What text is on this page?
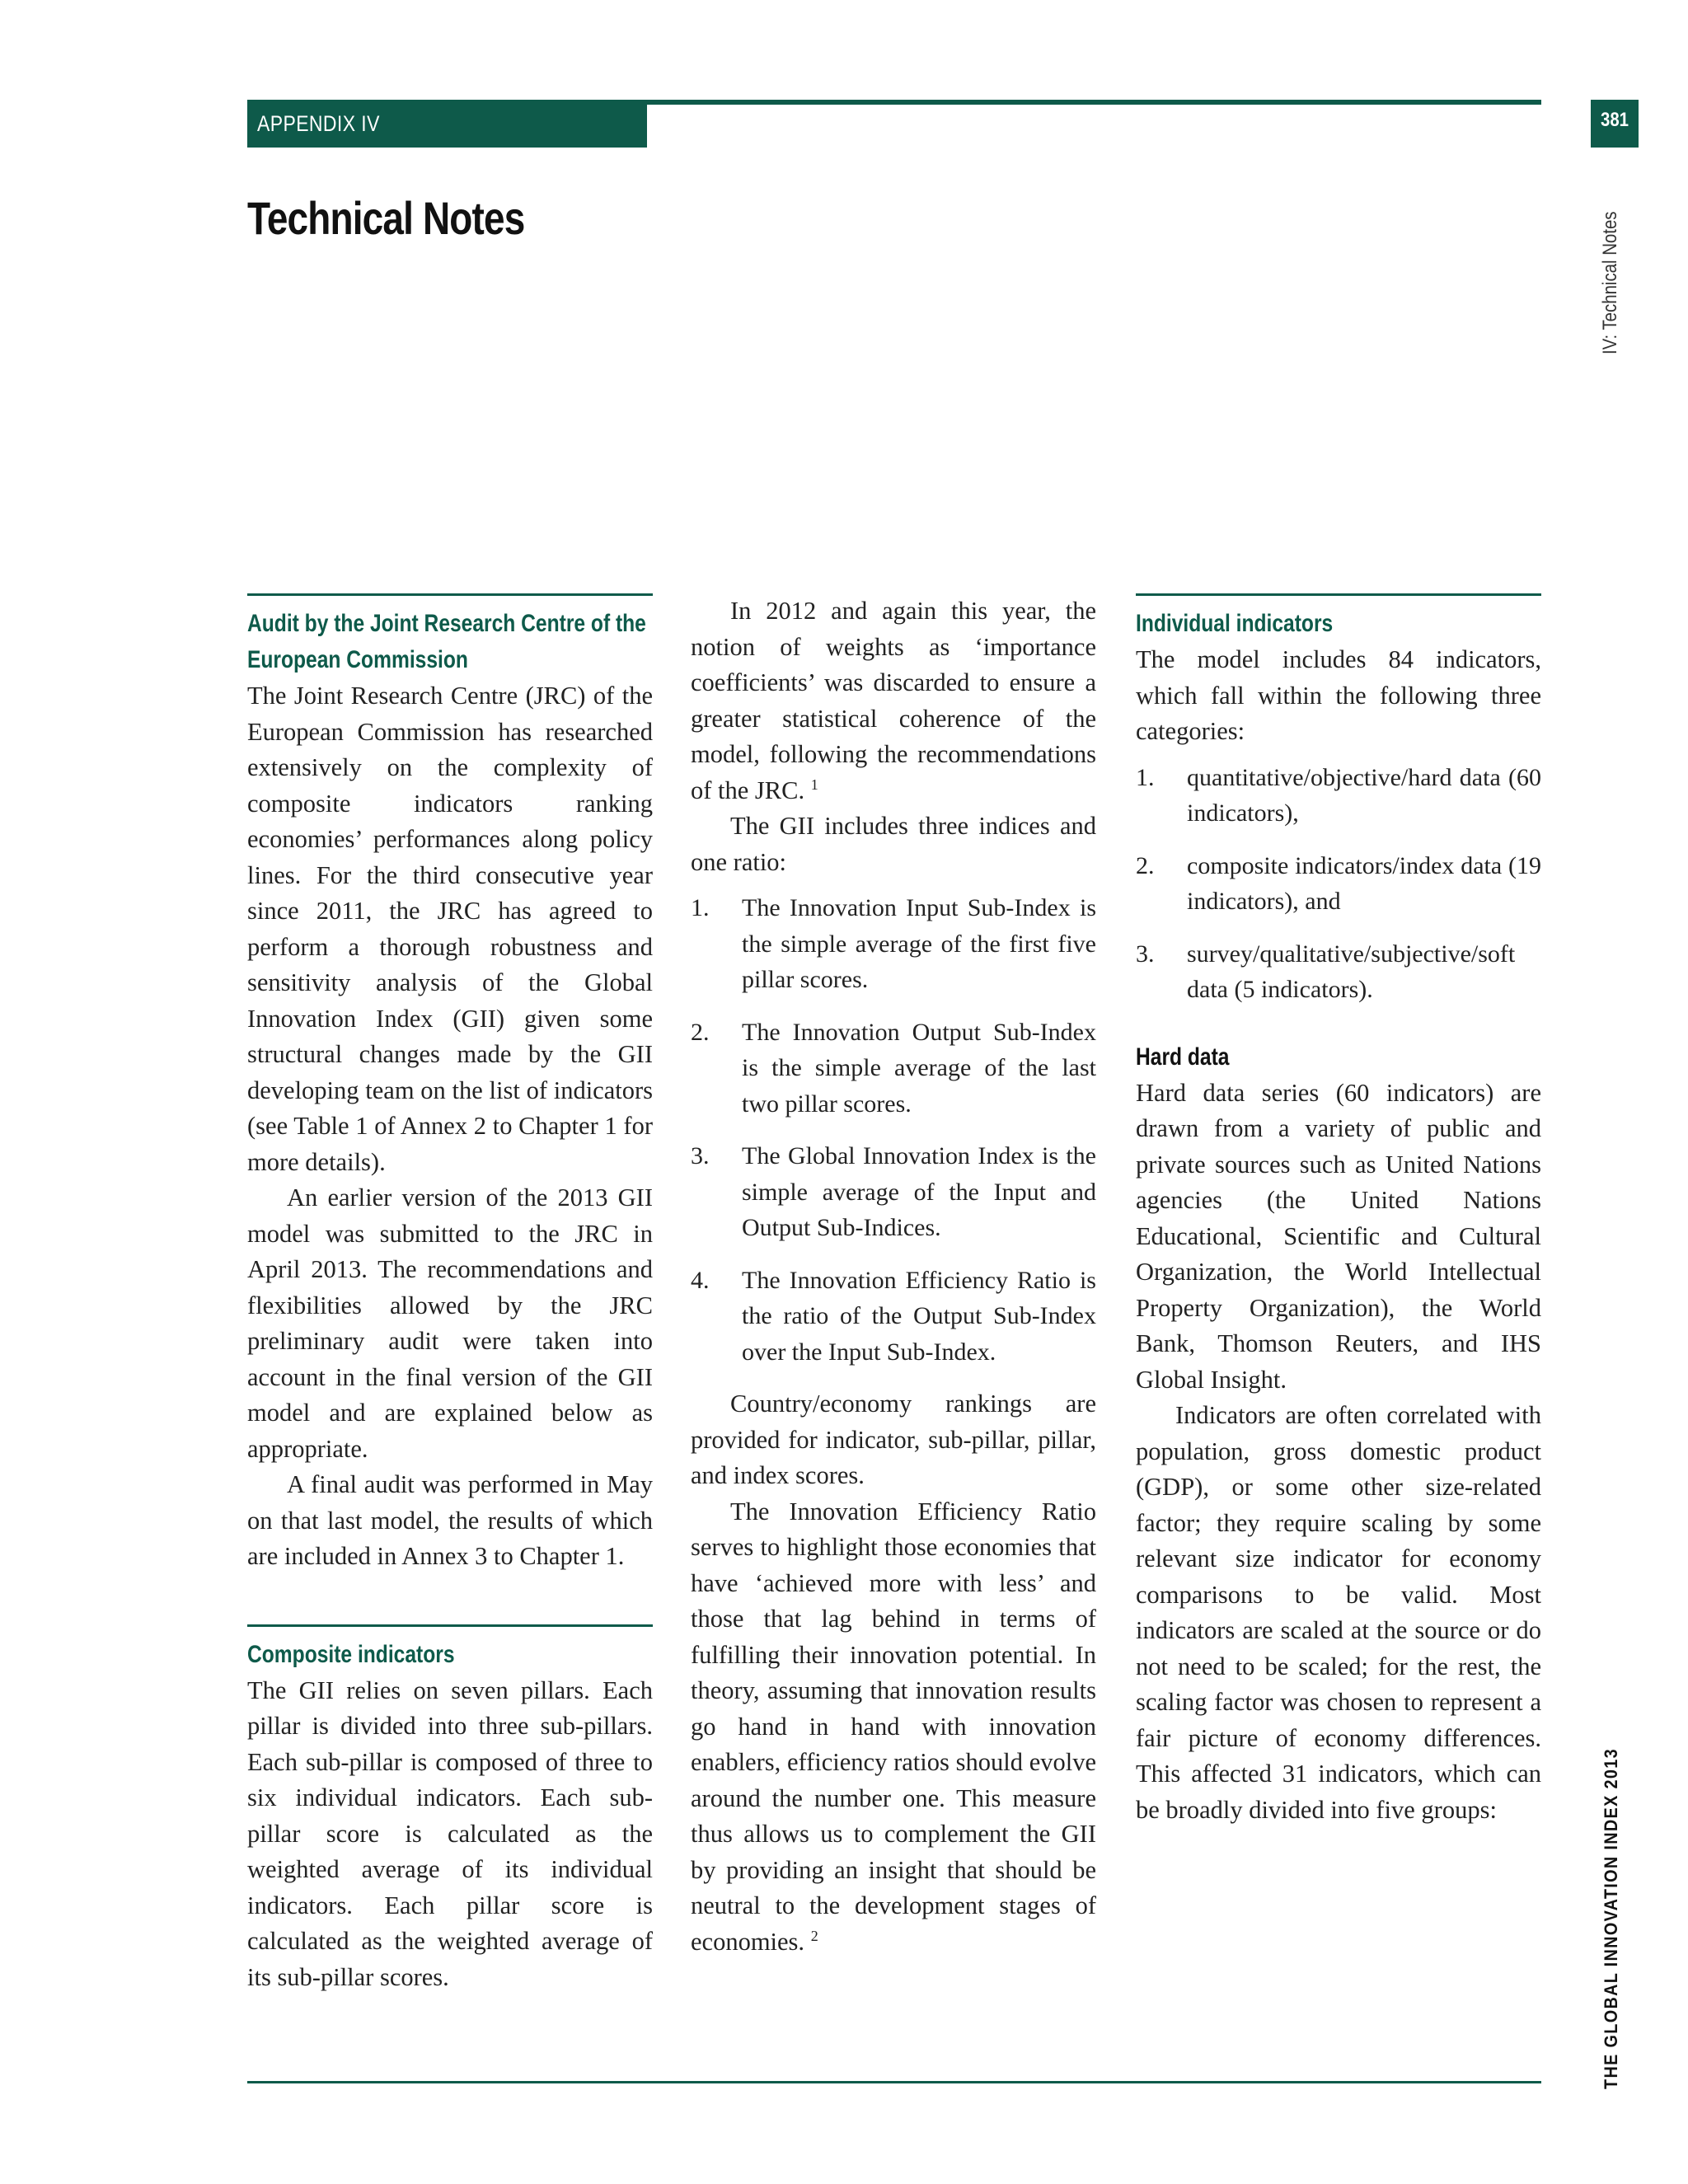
APPENDIX IV	381
Technical Notes	IV: Technical Notes
THE GLOBAL INNOVATION INDEX 2013
Audit by the Joint Research Centre of the
European Commission

The Joint Research Centre (JRC) of the European Commission has researched extensively on the complexity of composite indicators ranking economies’ performances along policy lines. For the third consecutive year since 2011, the JRC has agreed to perform a thorough robustness and sensitivity analysis of the Global Innovation Index (GII) given some structural changes made by the GII developing team on the list of indicators (see Table 1 of Annex 2 to Chapter 1 for more details).

An earlier version of the 2013 GII model was submitted to the JRC in April 2013. The recommendations and flexibilities allowed by the JRC preliminary audit were taken into account in the final version of the GII model and are explained below as appropriate.

A final audit was performed in May on that last model, the results of which are included in Annex 3 to Chapter 1.

Composite indicators

The GII relies on seven pillars. Each pillar is divided into three sub-pillars. Each sub-pillar is composed of three to six individual indicators. Each sub-pillar score is calculated as the weighted average of its individual indicators. Each pillar score is calculated as the weighted average of its sub-pillar scores.

In 2012 and again this year, the notion of weights as ‘importance coefficients’ was discarded to ensure a greater statistical coherence of the model, following the recommendations of the JRC. $^1$

The GII includes three indices and one ratio:

1. The Innovation Input Sub-Index is the simple average of the first five pillar scores.
2. The Innovation Output Sub-Index is the simple average of the last two pillar scores.
3. The Global Innovation Index is the simple average of the Input and Output Sub-Indices.
4. The Innovation Efficiency Ratio is the ratio of the Output Sub-Index over the Input Sub-Index.

Country/economy rankings are provided for indicator, sub-pillar, pillar, and index scores.

The Innovation Efficiency Ratio serves to highlight those economies that have ‘achieved more with less’ and those that lag behind in terms of fulfilling their innovation potential. In theory, assuming that innovation results go hand in hand with innovation enablers, efficiency ratios should evolve around the number one. This measure thus allows us to complement the GII by providing an insight that should be neutral to the development stages of economies. $^2$

Individual indicators

The model includes 84 indicators, which fall within the following three categories:

1. quantitative/objective/hard data (60 indicators),
2. composite indicators/index data (19 indicators), and
3. survey/qualitative/subjective/soft data (5 indicators).
Hard data

Hard data series (60 indicators) are drawn from a variety of public and private sources such as United Nations agencies (the United Nations Educational, Scientific and Cultural Organization, the World Intellectual Property Organization), the World Bank, Thomson Reuters, and IHS Global Insight.

Indicators are often correlated with population, gross domestic product (GDP), or some other size-related factor; they require scaling by some relevant size indicator for economy comparisons to be valid. Most indicators are scaled at the source or do not need to be scaled; for the rest, the scaling factor was chosen to represent a fair picture of economy differences. This affected 31 indicators, which can be broadly divided into five groups:
